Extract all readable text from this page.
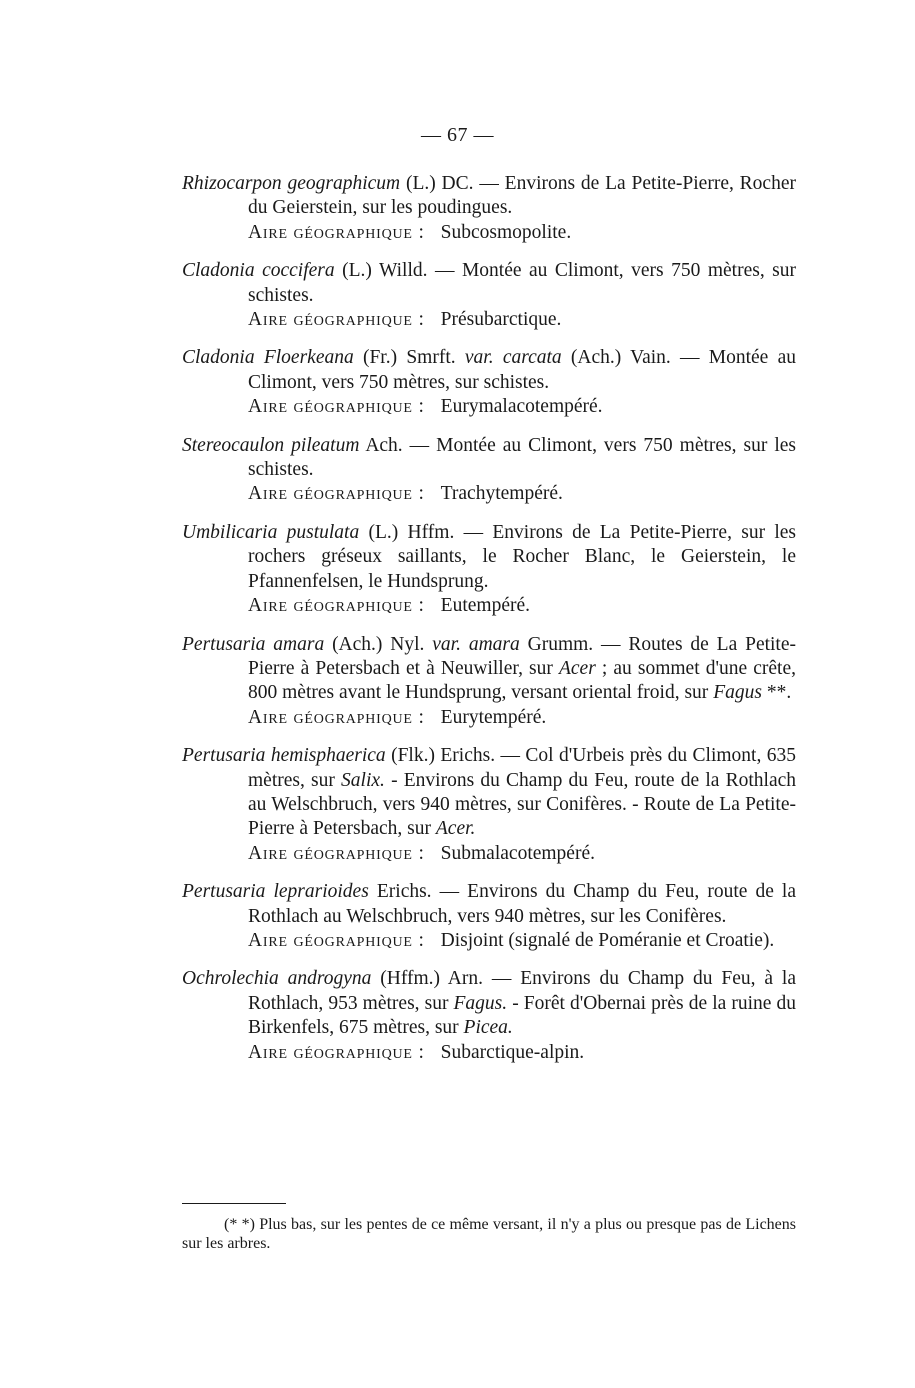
— 67 —
Rhizocarpon geographicum (L.) DC. — Environs de La Petite-Pierre, Rocher du Geierstein, sur les poudingues.
Aire géographique : Subcosmopolite.
Cladonia coccifera (L.) Willd. — Montée au Climont, vers 750 mètres, sur schistes.
Aire géographique : Présubarctique.
Cladonia Floerkeana (Fr.) Smrft. var. carcata (Ach.) Vain. — Montée au Climont, vers 750 mètres, sur schistes.
Aire géographique : Eurymalacotempéré.
Stereocaulon pileatum Ach. — Montée au Climont, vers 750 mètres, sur les schistes.
Aire géographique : Trachytempéré.
Umbilicaria pustulata (L.) Hffm. — Environs de La Petite-Pierre, sur les rochers gréseux saillants, le Rocher Blanc, le Geierstein, le Pfannenfelsen, le Hundsprung.
Aire géographique : Eutempéré.
Pertusaria amara (Ach.) Nyl. var. amara Grumm. — Routes de La Petite-Pierre à Petersbach et à Neuwiller, sur Acer ; au sommet d'une crête, 800 mètres avant le Hundsprung, versant oriental froid, sur Fagus **.
Aire géographique : Eurytempéré.
Pertusaria hemisphaerica (Flk.) Erichs. — Col d'Urbeis près du Climont, 635 mètres, sur Salix. - Environs du Champ du Feu, route de la Rothlach au Welschbruch, vers 940 mètres, sur Conifères. - Route de La Petite-Pierre à Petersbach, sur Acer.
Aire géographique : Submalacotempéré.
Pertusaria leprarioides Erichs. — Environs du Champ du Feu, route de la Rothlach au Welschbruch, vers 940 mètres, sur les Conifères.
Aire géographique : Disjoint (signalé de Poméranie et Croatie).
Ochrolechia androgyna (Hffm.) Arn. — Environs du Champ du Feu, à la Rothlach, 953 mètres, sur Fagus. - Forêt d'Obernai près de la ruine du Birkenfels, 675 mètres, sur Picea.
Aire géographique : Subarctique-alpin.
(* *) Plus bas, sur les pentes de ce même versant, il n'y a plus ou presque pas de Lichens sur les arbres.
